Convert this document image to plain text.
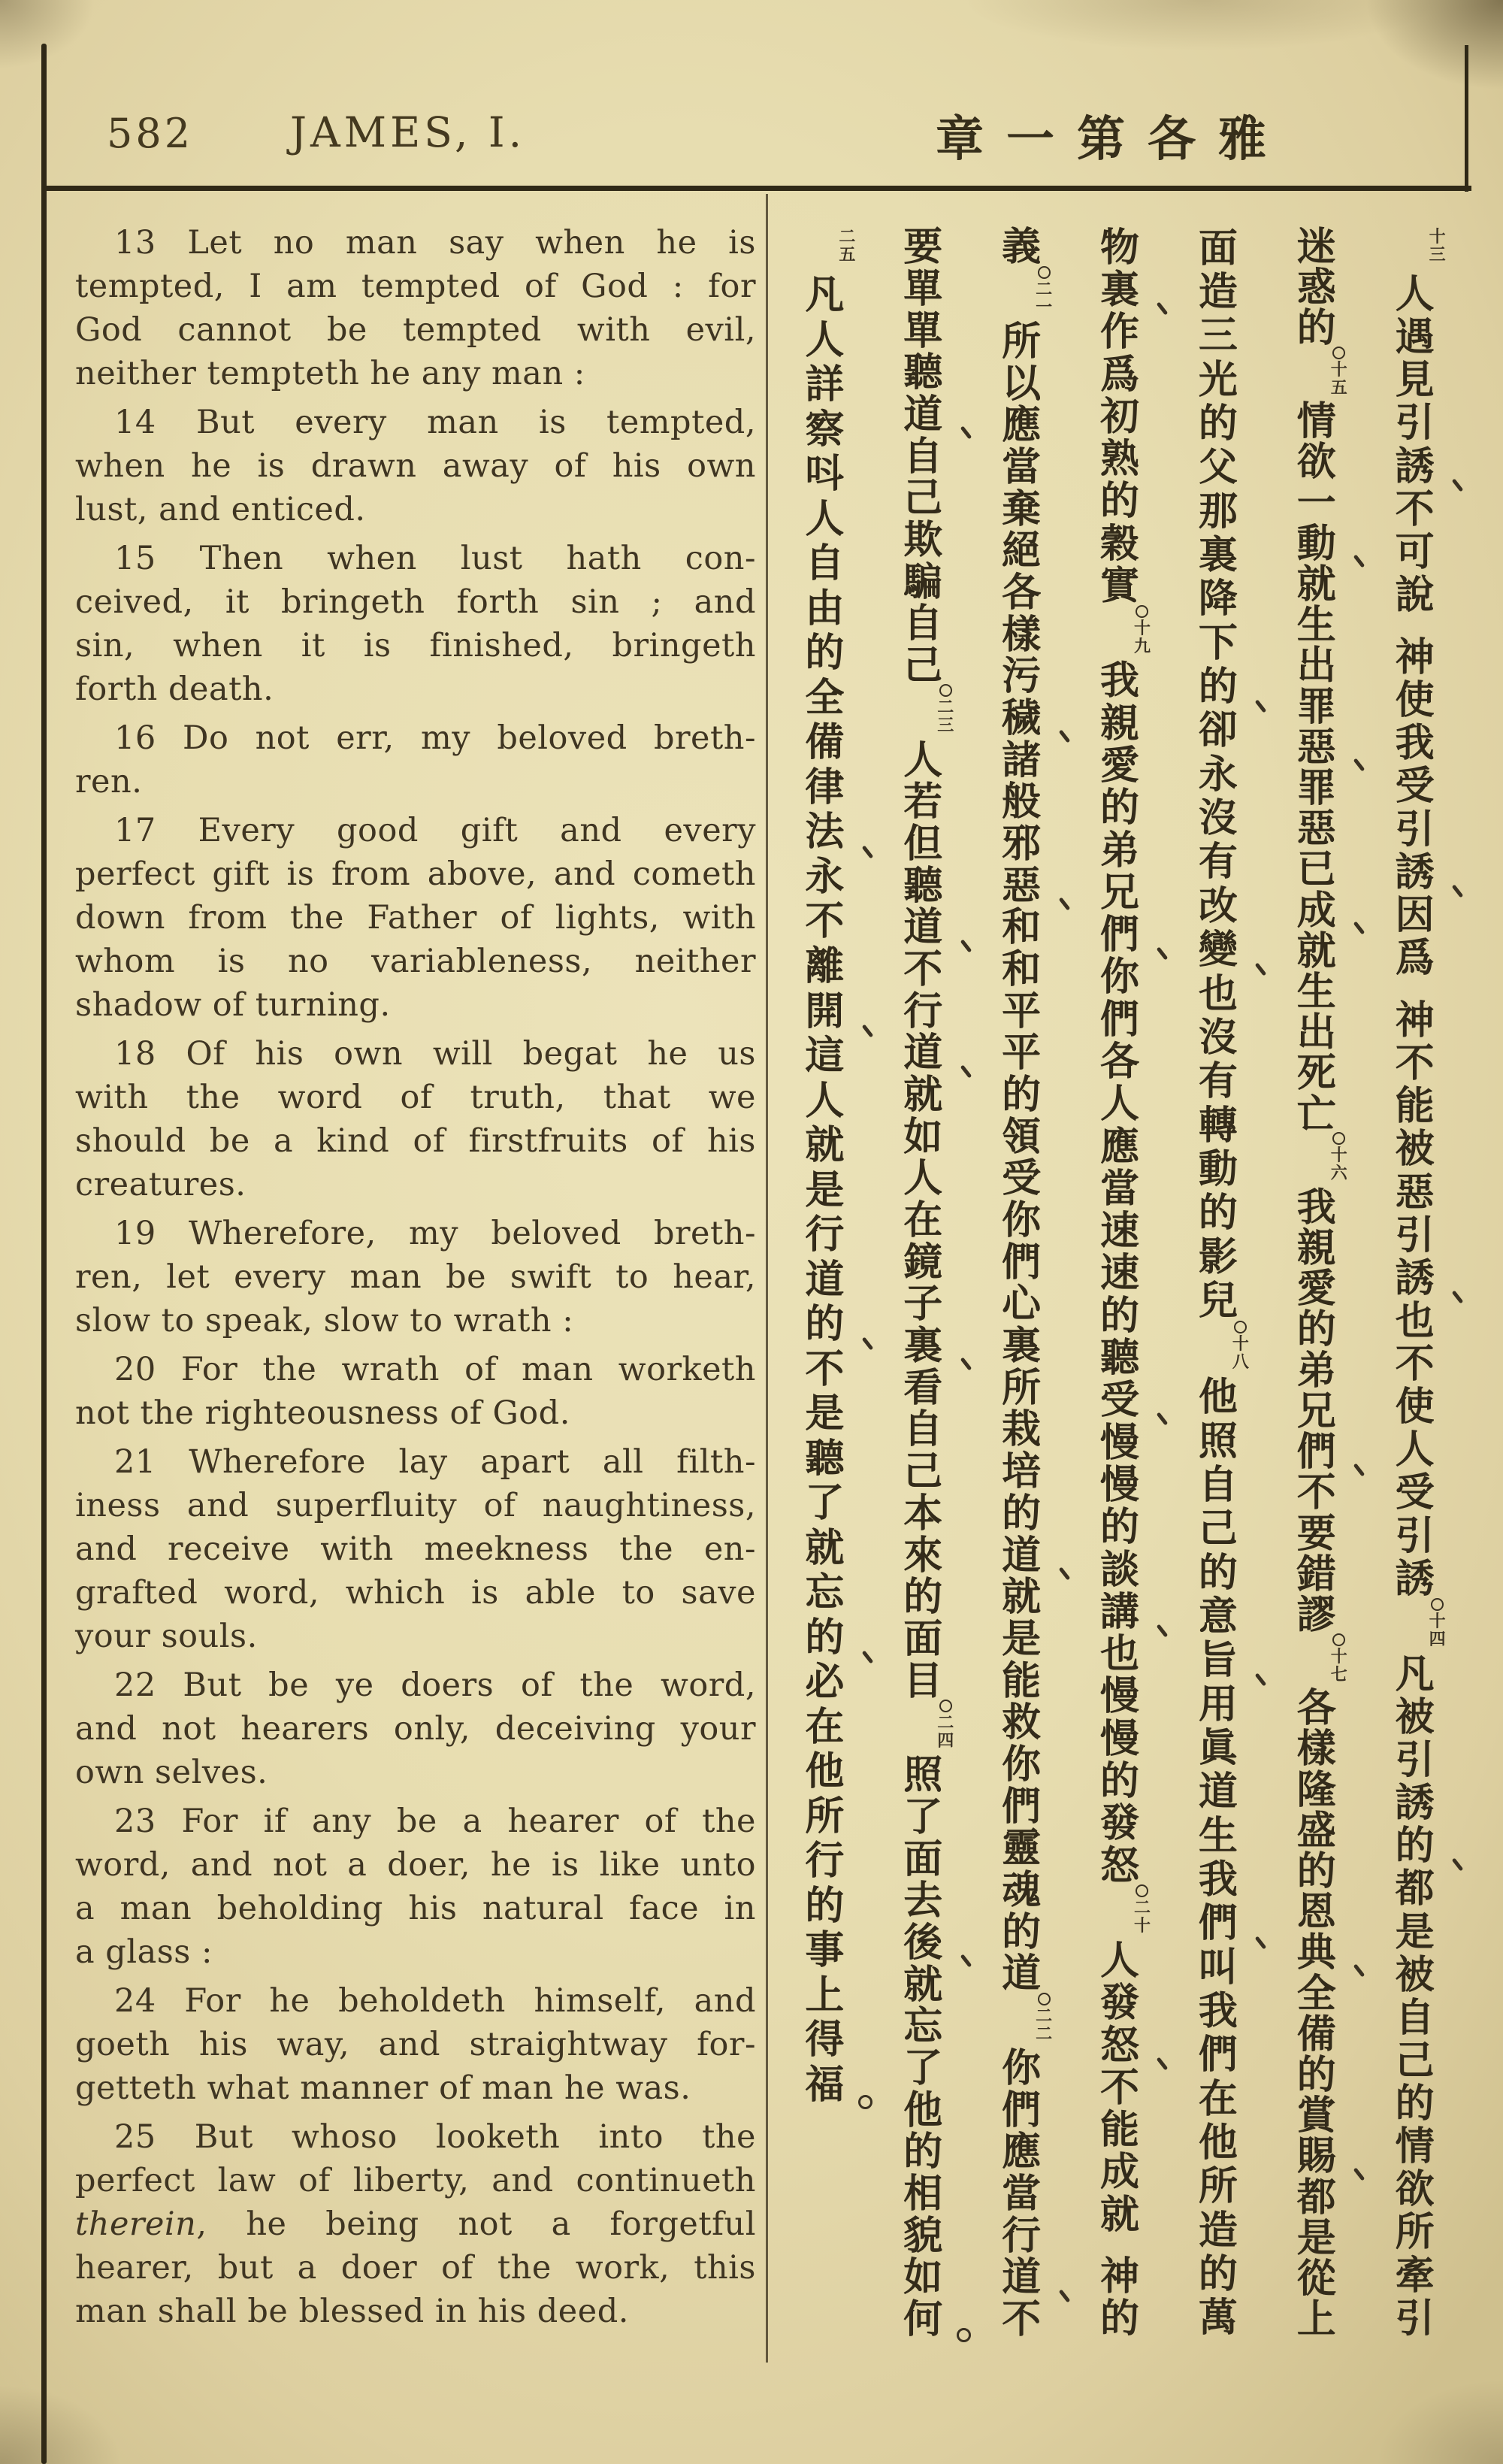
582 JAMES, I.	章一第各雅
13 Let no man say when he is
tempted, I am tempted of God : for
God cannot be tempted with evil,
neither tempteth he any man :
14 But every man is tempted,
when he is drawn away of his own
lust, and enticed.
15 Then when lust hath con-
ceived, it bringeth forth sin ; and
sin, when it is finished, bringeth
forth death.
16 Do not err, my beloved breth-
ren.
17 Every good gift and every
perfect gift is from above, and cometh
down from the Father of lights, with
whom is no variableness, neither
shadow of turning.
18 Of his own will begat he us
with the word of truth, that we
should be a kind of firstfruits of his
creatures.
19 Wherefore, my beloved breth-
ren, let every man be swift to hear,
slow to speak, slow to wrath :
20 For the wrath of man worketh
not the righteousness of God.
21 Wherefore lay apart all filth-
iness and superfluity of naughtiness,
and receive with meekness the en-
grafted word, which is able to save
your souls.
22 But be ye doers of the word,
and not hearers only, deceiving your
own selves.
23 For if any be a hearer of the
word, and not a doer, he is like unto
a man beholding his natural face in
a glass :
24 For he beholdeth himself, and
goeth his way, and straightway for-
getteth what manner of man he was.
25 But whoso looketh into the
perfect law of liberty, and continueth
therein, he being not a forgetful
hearer, but a doer of the work, this
man shall be blessed in his deed.
十
三
人
遇
見
引
誘
不
可
說
神
使
我
受
引
誘
因
爲
神
不
能
被
惡
引
誘
也
不
使
人
受
引
誘
十
四
凡
被
引
誘
的
都
是
被
自
己
的
情
欲
所
牽
引
迷
惑
的
十
五
情
欲
一
動
就
生
出
罪
惡
罪
惡
已
成
就
生
出
死
亡
十
六
我
親
愛
的
弟
兄
們
不
要
錯
謬
十
七
各
樣
隆
盛
的
恩
典
全
備
的
賞
賜
都
是
從
上
面
造
三
光
的
父
那
裏
降
下
的
卻
永
沒
有
改
變
也
沒
有
轉
動
的
影
兒
十
八
他
照
自
己
的
意
旨
用
眞
道
生
我
們
叫
我
們
在
他
所
造
的
萬
物
裏
作
爲
初
熟
的
穀
實
十
九
我
親
愛
的
弟
兄
們
你
們
各
人
應
當
速
速
的
聽
受
慢
慢
的
談
講
也
慢
慢
的
發
怒
二
十
人
發
怒
不
能
成
就
神
的
義
二
一
所
以
應
當
棄
絕
各
樣
污
穢
諸
般
邪
惡
和
和
平
平
的
領
受
你
們
心
裏
所
栽
培
的
道
就
是
能
救
你
們
靈
魂
的
道
二
二
你
們
應
當
行
道
不
要
單
單
聽
道
自
己
欺
騙
自
己
二
三
人
若
但
聽
道
不
行
道
就
如
人
在
鏡
子
裏
看
自
己
本
來
的
面
目
二
四
照
了
面
去
後
就
忘
了
他
的
相
貌
如
何
二
五
凡
人
詳
察
呌
人
自
由
的
全
備
律
法
永
不
離
開
這
人
就
是
行
道
的
不
是
聽
了
就
忘
的
必
在
他
所
行
的
事
上
得
福
